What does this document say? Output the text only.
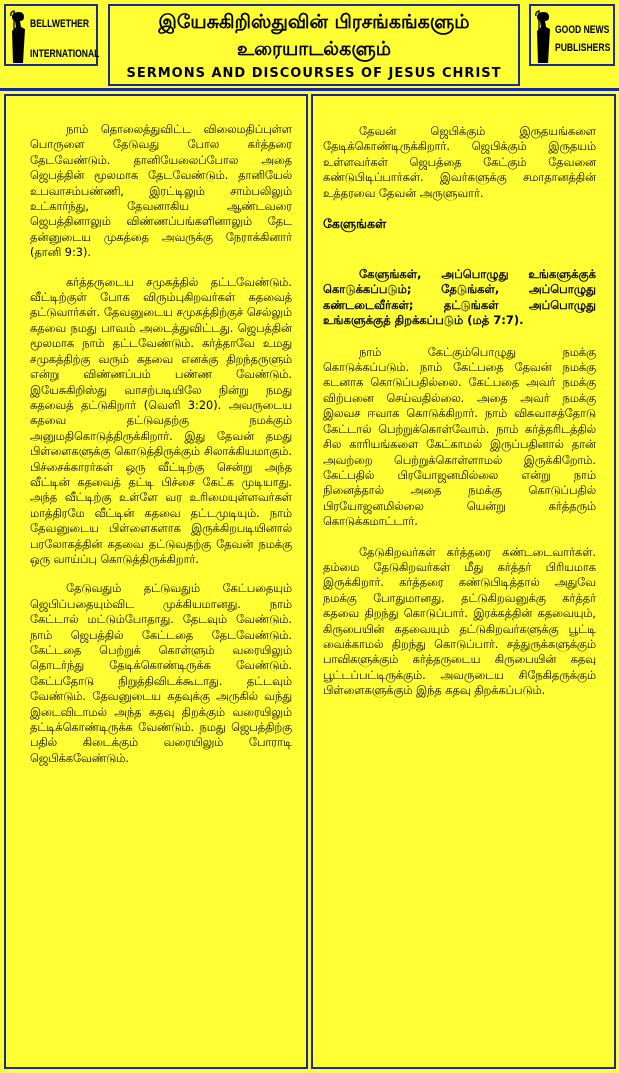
BELLWETHER
INTERNATIONAL
இயேசுகிறிஸ்துவின் பிரசங்கங்களும்
உரையாடல்களும்
SERMONS AND DISCOURSES OF JESUS CHRIST
GOOD NEWS
PUBLISHERS

நாம் தொலைத்துவிட்ட விலைமதிப்புள்ள பொருளை தேடுவது போல கர்த்தரை தேடவேண்டும். தானியேலைப்போல அதை ஜெபத்தின் மூலமாக தேடவேண்டும். தானியேல் உபவாசம்பண்ணி, இரட்டிலும் சாம்பலிலும் உட்கார்ந்து, தேவனாகிய ஆண்டவரை ஜெபத்தினாலும் விண்ணப்பங்களினாலும் தேட தன்னுடைய முகத்தை அவருக்கு நேராக்கினார் (தானி 9:3).

கர்த்தருடைய சமுகத்தில் தட்டவேண்டும். வீட்டிற்குள் போக விரும்புகிறவர்கள் கதவைத் தட்டுவார்கள். தேவனுடைய சமுகத்திற்குச் செல்லும் கதவை நமது பாவம் அடைத்துவிட்டது. ஜெபத்தின் மூலமாக நாம் தட்டவேண்டும். கர்த்தாவே உமது சமுகத்திற்கு வரும் கதவை எனக்கு திறந்தருளும் என்று விண்ணப்பம் பண்ண வேண்டும். இயேசுகிறிஸ்து வாசற்படியிலே நின்று நமது கதவைத் தட்டுகிறார் (வெளி 3:20). அவருடைய கதவை தட்டுவதற்கு நமக்கும் அனுமதிகொடுத்திருக்கிறார். இது தேவன் தமது பிள்ளைகளுக்கு கொடுத்திருக்கும் சிலாக்கியமாகும். பிச்சைக்காரர்கள் ஒரு வீட்டிற்கு சென்று அந்த வீட்டின் கதவைத் தட்டி பிச்சை கேட்க முடியாது. அந்த வீட்டிற்கு உள்ளே வர உரிமையுள்ளவர்கள் மாத்திரமே வீட்டின் கதவை தட்டமுடியும். நாம் தேவனுடைய பிள்ளைகளாக இருக்கிறபடியினால் பரலோகத்தின் கதவை தட்டுவதற்கு தேவன் நமக்கு ஒரு வாய்ப்பு கொடுத்திருக்கிறார்.

தேடுவதும் தட்டுவதும் கேட்பதையும் ஜெபிப்பதையும்விட முக்கியமானது. நாம் கேட்டால் மட்டும்போதாது. தேடவும் வேண்டும். நாம் ஜெபத்தில் கேட்டதை தேடவேண்டும். கேட்டதை பெற்றுக் கொள்ளும் வரையிலும் தொடர்ந்து தேடிக்கொண்டிருக்க வேண்டும். கேட்பதோடு நிறுத்திவிடக்கூடாது. தட்டவும் வேண்டும். தேவனுடைய கதவுக்கு அருகில் வந்து இடைவிடாமல் அந்த கதவு திறக்கும் வரையிலும் தட்டிக்கொண்டிருக்க வேண்டும். நமது ஜெபத்திற்கு பதில் கிடைக்கும் வரையிலும் போராடி ஜெபிக்கவேண்டும்.

தேவன் ஜெபிக்கும் இருதயங்களை தேடிக்கொண்டிருக்கிறார். ஜெபிக்கும் இருதயம் உள்ளவர்கள் ஜெபத்தை கேட்கும் தேவனை கண்டுபிடிப்பார்கள். இவர்களுக்கு சமாதானத்தின் உத்தரவை தேவன் அருளுவார்.

கேளுங்கள்

கேளுங்கள், அப்பொழுது உங்களுக்குக் கொடுக்கப்படும்; தேடுங்கள், அப்பொழுது கண்டடைவீர்கள்; தட்டுங்கள் அப்பொழுது உங்களுக்குத் திறக்கப்படும் (மத் 7:7).

நாம் கேட்கும்பொழுது நமக்கு கொடுக்கப்படும். நாம் கேட்பதை தேவன் நமக்கு கடனாக கொடுப்பதில்லை. கேட்பதை அவர் நமக்கு விற்பனை செய்வதில்லை. அதை அவர் நமக்கு இலவச ஈவாக கொடுக்கிறார். நாம் விசுவாசத்தோடு கேட்டால் பெற்றுக்கொள்வோம். நாம் கர்த்தரிடத்தில் சில காரியங்களை கேட்காமல் இருப்பதினால் தான் அவற்றை பெற்றுக்கொள்ளாமல் இருக்கிறோம். கேட்பதில் பிரயோஜனமில்லை என்று நாம் நினைத்தால் அதை நமக்கு கொடுப்பதில் பிரயோஜனமில்லை யென்று கர்த்தரும் கொடுக்கமாட்டார்.

தேடுகிறவர்கள் கர்த்தரை கண்டடைவார்கள். தம்மை தேடுகிறவர்கள் மீது கர்த்தர் பிரியமாக இருக்கிறார். கர்த்தரை கண்டுபிடித்தால் அதுவே நமக்கு போதுமானது. தட்டுகிறவனுக்கு கர்த்தர் கதவை திறந்து கொடுப்பார். இரக்கத்தின் கதவையும், கிருபையின் கதவையும் தட்டுகிறவர்களுக்கு பூட்டி வைக்காமல் திறந்து கொடுப்பார். சத்துருக்களுக்கும் பாவிகளுக்கும் கர்த்தருடைய கிருபையின் கதவு பூட்டப்பட்டிருக்கும். அவருடைய சிநேகிதருக்கும் பிள்ளைகளுக்கும் இந்த கதவு திறக்கப்படும்.
